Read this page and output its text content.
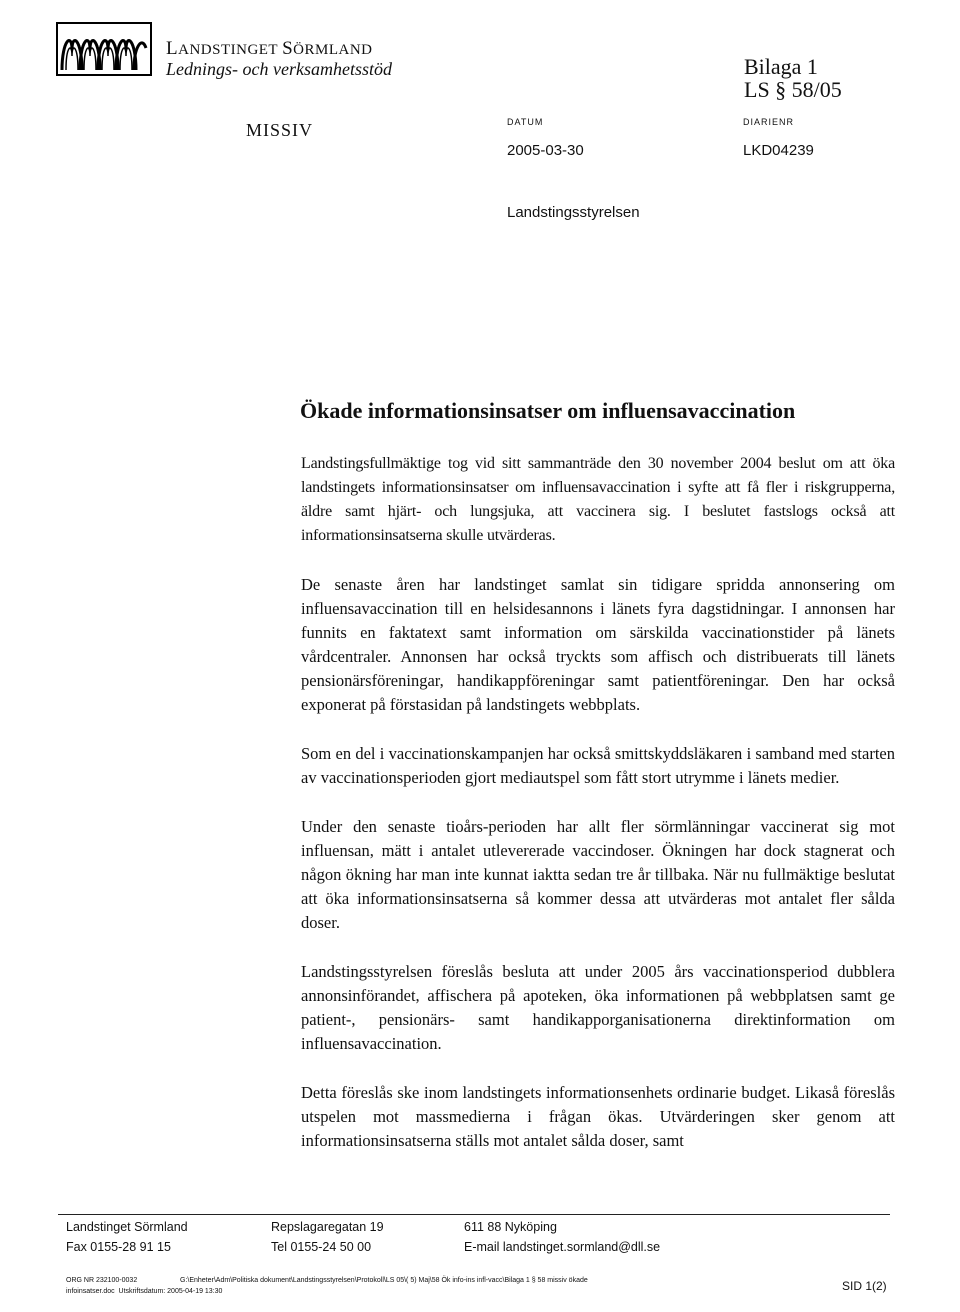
LANDSTINGET SÖRMLAND
Lednings- och verksamhetsstöd	Bilaga 1
LS § 58/05
MISSIV	DATUM	DIARIENR
2005-03-30	LKD04239
Landstingsstyrelsen
Ökade informationsinsatser om influensavaccination

Landstingsfullmäktige tog vid sitt sammanträde den 30 november 2004 beslut om att öka landstingets informationsinsatser om influensavaccination i syfte att få fler i riskgrupperna, äldre samt hjärt- och lungsjuka, att vaccinera sig. I beslutet fastslogs också att informationsinsatserna skulle utvärderas.

De senaste åren har landstinget samlat sin tidigare spridda annonsering om influensavaccination till en helsidesannons i länets fyra dagstidningar. I annonsen har funnits en faktatext samt information om särskilda vaccinationstider på länets vårdcentraler. Annonsen har också tryckts som affisch och distribuerats till länets pensionärsföreningar, handikappföreningar samt patientföreningar. Den har också exponerat på förstasidan på landstingets webbplats.

Som en del i vaccinationskampanjen har också smittskyddsläkaren i samband med starten av vaccinationsperioden gjort mediautspel som fått stort utrymme i länets medier.

Under den senaste tioårs-perioden har allt fler sörmlänningar vaccinerat sig mot influensan, mätt i antalet utlevererade vaccindoser. Ökningen har dock stagnerat och någon ökning har man inte kunnat iaktta sedan tre år tillbaka. När nu fullmäktige beslutat att öka informationsinsatserna så kommer dessa att utvärderas mot antalet fler sålda doser.

Landstingsstyrelsen föreslås besluta att under 2005 års vaccinationsperiod dubblera annonsinförandet, affischera på apoteken, öka informationen på webbplatsen samt ge patient-, pensionärs- samt handikapporganisationerna direktinformation om influensavaccination.

Detta föreslås ske inom landstingets informationsenhets ordinarie budget. Likaså föreslås utspelen mot massmedierna i frågan ökas. Utvärderingen sker genom att informationsinsatserna ställs mot antalet sålda doser, samt

Landstinget Sörmland	Repslagaregatan 19	611 88 Nyköping
Fax 0155-28 91 15	Tel 0155-24 50 00	E-mail landstinget.sormland@dll.se
ORG NR 232100-0032	G:\Enheter\Adm\Politiska dokument\Landstingsstyrelsen\Protokoll\LS 05\( 5) Maj\58 Ök info-ins infl-vacc\Bilaga 1 § 58 missiv ökade
infoinsatser.doc Utskriftsdatum: 2005-04-19 13:30	SID 1(2)
